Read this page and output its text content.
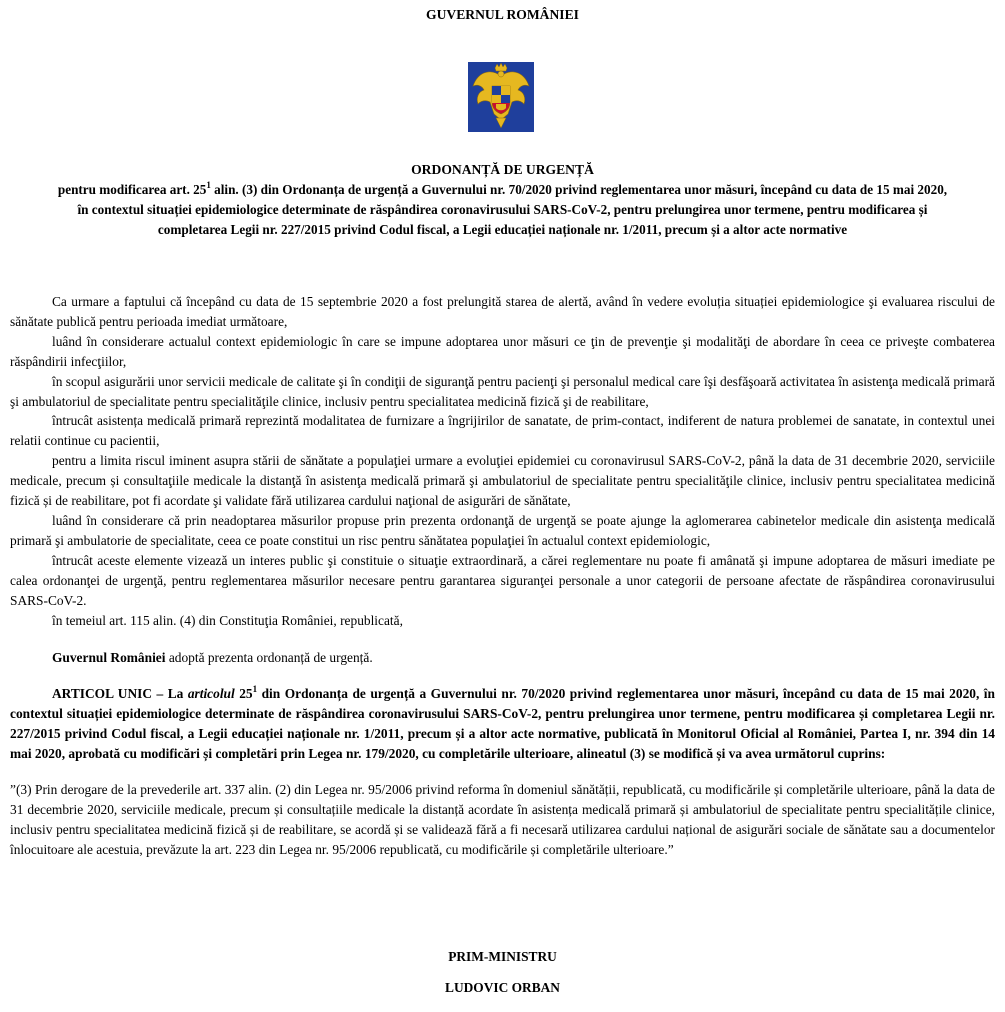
GUVERNUL ROMÂNIEI
ORDONANȚĂ DE URGENȚĂ
pentru modificarea art. $25^1$ alin. (3) din Ordonanța de urgență a Guvernului nr. 70/2020 privind reglementarea unor măsuri, începând cu data de 15 mai 2020,
în contextul situației epidemiologice determinate de răspândirea coronavirusului SARS-CoV-2, pentru prelungirea unor termene, pentru modificarea și
completarea Legii nr. 227/2015 privind Codul fiscal, a Legii educației naționale nr. 1/2011, precum și a altor acte normative

Ca urmare a faptului că începând cu data de 15 septembrie 2020 a fost prelungită starea de alertă, având în vedere evoluția situației epidemiologice şi evaluarea riscului de sănătate publică pentru perioada imediat următoare,

luând în considerare actualul context epidemiologic în care se impune adoptarea unor măsuri ce ţin de prevenţie şi modalităţi de abordare în ceea ce priveşte combaterea răspândirii infecţiilor,

în scopul asigurării unor servicii medicale de calitate şi în condiţii de siguranţă pentru pacienţi şi personalul medical care îşi desfăşoară activitatea în asistenţa medicală primară şi ambulatoriul de specialitate pentru specialităţile clinice, inclusiv pentru specialitatea medicină fizică şi de reabilitare,

întrucât asistența medicală primară reprezintă modalitatea de furnizare a îngrijirilor de sanatate, de prim-contact, indiferent de natura problemei de sanatate, in contextul unei relatii continue cu pacientii,

pentru a limita riscul iminent asupra stării de sănătate a populaţiei urmare a evoluţiei epidemiei cu coronavirusul SARS-CoV-2, până la data de 31 decembrie 2020, serviciile medicale, precum și consultaţiile medicale la distanţă în asistenţa medicală primară şi ambulatoriul de specialitate pentru specialităţile clinice, inclusiv pentru specialitatea medicină fizică și de reabilitare, pot fi acordate şi validate fără utilizarea cardului naţional de asigurări de sănătate,

luând în considerare că prin neadoptarea măsurilor propuse prin prezenta ordonanţă de urgenţă se poate ajunge la aglomerarea cabinetelor medicale din asistenţa medicală primară şi ambulatorie de specialitate, ceea ce poate constitui un risc pentru sănătatea populaţiei în actualul context epidemiologic,

întrucât aceste elemente vizează un interes public şi constituie o situaţie extraordinară, a cărei reglementare nu poate fi amânată şi impune adoptarea de măsuri imediate pe calea ordonanţei de urgenţă, pentru reglementarea măsurilor necesare pentru garantarea siguranţei personale a unor categorii de persoane afectate de răspândirea coronavirusului SARS-CoV-2.

în temeiul art. 115 alin. (4) din Constituţia României, republicată,

Guvernul României adoptă prezenta ordonanță de urgență.

ARTICOL UNIC – La articolul $25^1$ din Ordonanța de urgență a Guvernului nr. 70/2020 privind reglementarea unor măsuri, începând cu data de 15 mai 2020, în contextul situației epidemiologice determinate de răspândirea coronavirusului SARS-CoV-2, pentru prelungirea unor termene, pentru modificarea și completarea Legii nr. 227/2015 privind Codul fiscal, a Legii educației naționale nr. 1/2011, precum și a altor acte normative, publicată în Monitorul Oficial al României, Partea I, nr. 394 din 14 mai 2020, aprobată cu modificări și completări prin Legea nr. 179/2020, cu completările ulterioare, alineatul (3) se modifică și va avea următorul cuprins:

”(3) Prin derogare de la prevederile art. 337 alin. (2) din Legea nr. 95/2006 privind reforma în domeniul sănătății, republicată, cu modificările și completările ulterioare, până la data de 31 decembrie 2020, serviciile medicale, precum și consultațiile medicale la distanță acordate în asistența medicală primară și ambulatoriul de specialitate pentru specialitățile clinice, inclusiv pentru specialitatea medicină fizică și de reabilitare, se acordă și se validează fără a fi necesară utilizarea cardului național de asigurări sociale de sănătate sau a documentelor înlocuitoare ale acestuia, prevăzute la art. 223 din Legea nr. 95/2006 republicată, cu modificările și completările ulterioare.”

PRIM-MINISTRU
LUDOVIC ORBAN
